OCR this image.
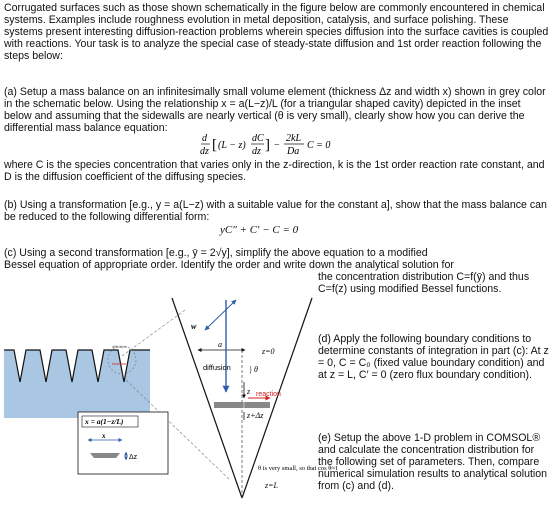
Corrugated surfaces such as those shown schematically in the figure below are commonly encountered in chemical systems. Examples include roughness evolution in metal deposition, catalysis, and surface polishing. These systems present interesting diffusion-reaction problems wherein species diffusion into the surface cavities is coupled with reactions. Your task is to analyze the special case of steady-state diffusion and 1st order reaction following the steps below:
(a) Setup a mass balance on an infinitesimally small volume element (thickness Δz and width x) shown in grey color in the schematic below. Using the relationship x = a(L−z)/L (for a triangular shaped cavity) depicted in the inset below and assuming that the sidewalls are nearly vertical (θ is very small), clearly show how you can derive the differential mass balance equation:
d
dz [ (L − z)
dC
dz ] −
2kL
Da
C = 0
where C is the species concentration that varies only in the z-direction, k is the 1st order reaction rate constant, and D is the diffusion coefficient of the diffusing species.
(b) Using a transformation [e.g., y = a(L−z) with a suitable value for the constant a], show that the mass balance can be reduced to the following differential form:
yC″ + C′ − C = 0
(c) Using a second transformation [e.g., ȳ = 2√y], simplify the above equation to a modified
Bessel equation of appropriate order. Identify the order and write down the analytical solution for
the concentration distribution C=f(ȳ) and thus C=f(z) using modified Bessel functions.
(d) Apply the following boundary conditions to determine constants of integration in part (c): At z = 0, C = C₀ (fixed value boundary condition) and at z = L, C′ = 0 (zero flux boundary condition).
(e) Setup the above 1-D problem in COMSOL® and calculate the concentration distribution for the following set of parameters. Then, compare numerical simulation results to analytical solution from (c) and (d).
diffusion
reaction
w
a
z=0
diffusion	θ
z reaction
z+Δz
θ is very small, so that cos θ≈1
z=L
x = a(1−z/L)
x
Δz
